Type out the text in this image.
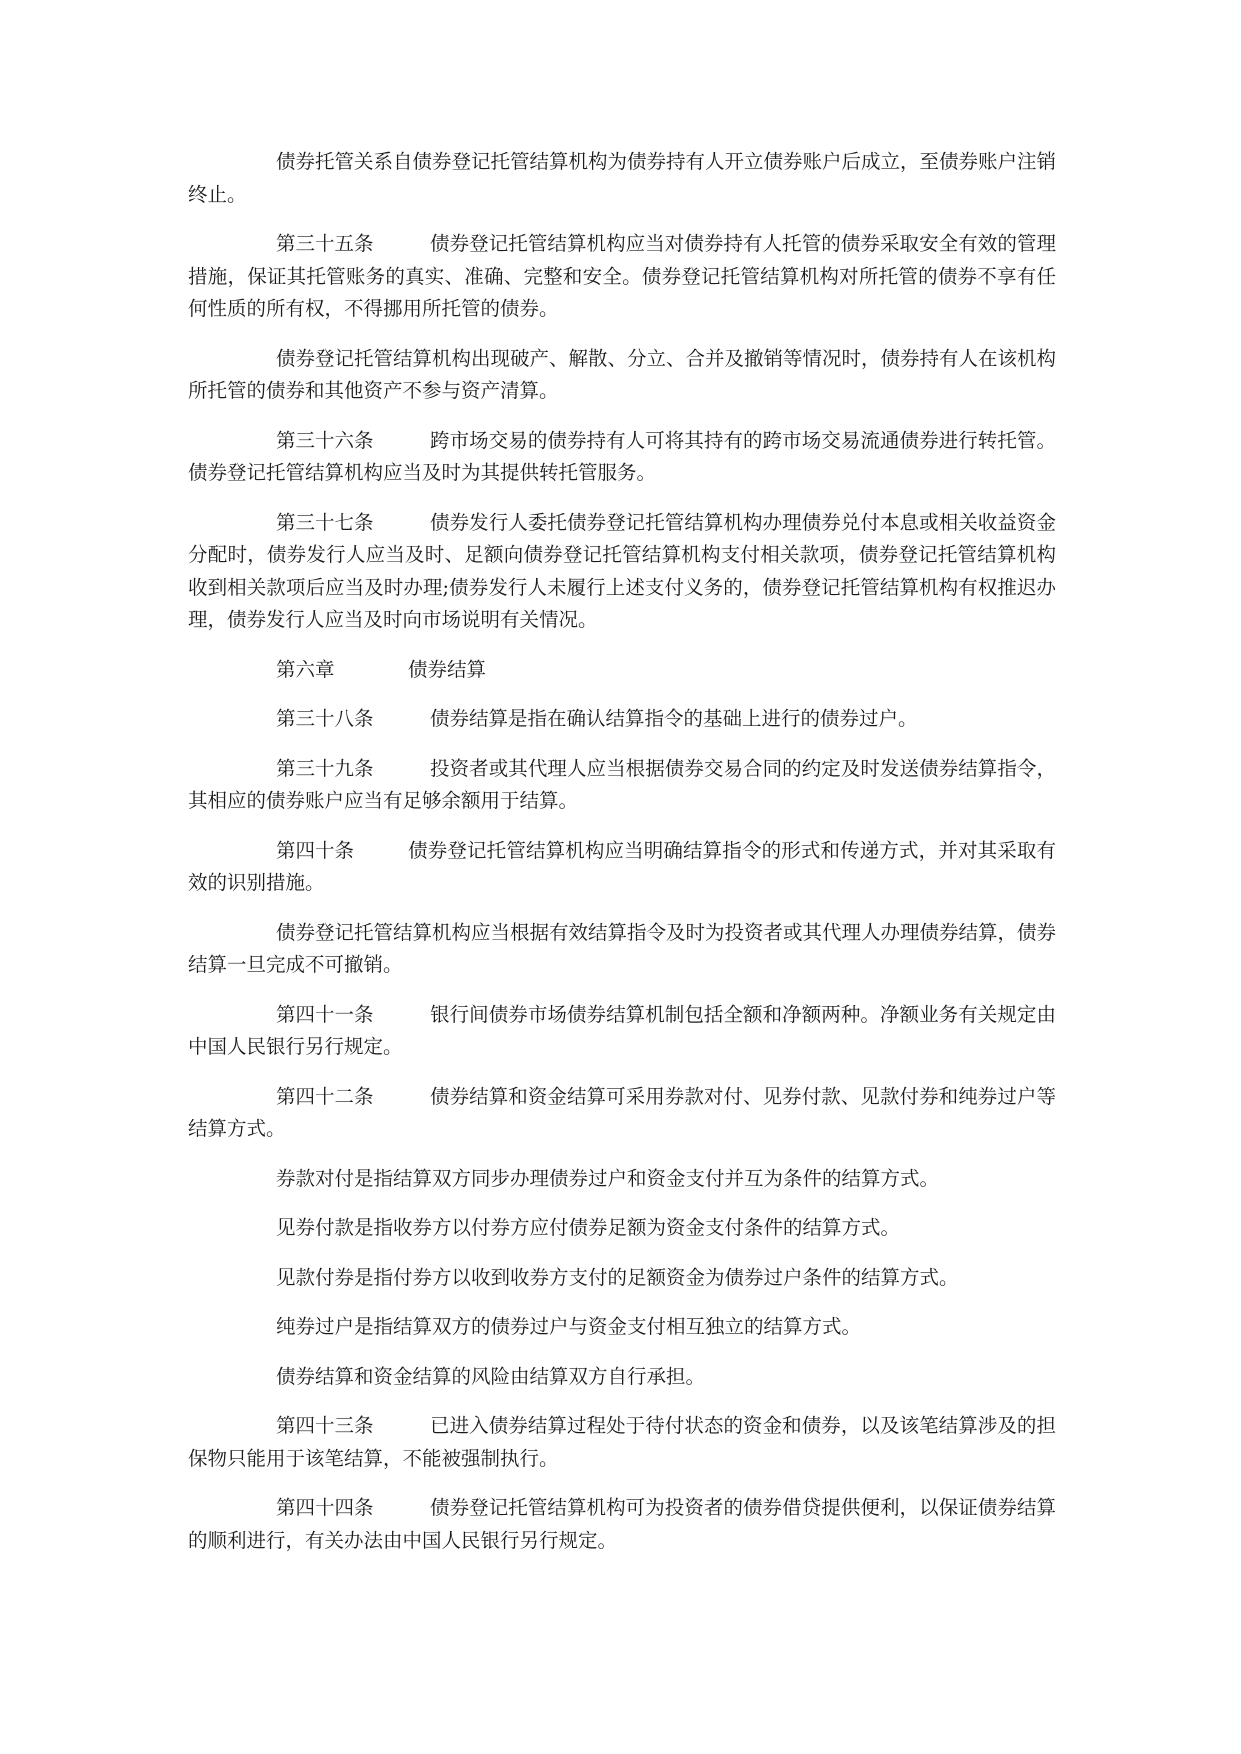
债券托管关系自债券登记托管结算机构为债券持有人开立债券账户后成立，至债券账户注销终止。

第三十五条	债券登记托管结算机构应当对债券持有人托管的债券采取安全有效的管理措施，保证其托管账务的真实、准确、完整和安全。债券登记托管结算机构对所托管的债券不享有任何性质的所有权，不得挪用所托管的债券。

债券登记托管结算机构出现破产、解散、分立、合并及撤销等情况时，债券持有人在该机构所托管的债券和其他资产不参与资产清算。

第三十六条	跨市场交易的债券持有人可将其持有的跨市场交易流通债券进行转托管。债券登记托管结算机构应当及时为其提供转托管服务。

第三十七条	债券发行人委托债券登记托管结算机构办理债券兑付本息或相关收益资金分配时，债券发行人应当及时、足额向债券登记托管结算机构支付相关款项，债券登记托管结算机构收到相关款项后应当及时办理;债券发行人未履行上述支付义务的，债券登记托管结算机构有权推迟办理，债券发行人应当及时向市场说明有关情况。

第六章	债券结算

第三十八条	债券结算是指在确认结算指令的基础上进行的债券过户。

第三十九条	投资者或其代理人应当根据债券交易合同的约定及时发送债券结算指令，其相应的债券账户应当有足够余额用于结算。

第四十条	债券登记托管结算机构应当明确结算指令的形式和传递方式，并对其采取有效的识别措施。

债券登记托管结算机构应当根据有效结算指令及时为投资者或其代理人办理债券结算，债券结算一旦完成不可撤销。

第四十一条	银行间债券市场债券结算机制包括全额和净额两种。净额业务有关规定由中国人民银行另行规定。

第四十二条	债券结算和资金结算可采用券款对付、见券付款、见款付券和纯券过户等结算方式。

券款对付是指结算双方同步办理债券过户和资金支付并互为条件的结算方式。

见券付款是指收券方以付券方应付债券足额为资金支付条件的结算方式。

见款付券是指付券方以收到收券方支付的足额资金为债券过户条件的结算方式。

纯券过户是指结算双方的债券过户与资金支付相互独立的结算方式。

债券结算和资金结算的风险由结算双方自行承担。

第四十三条	已进入债券结算过程处于待付状态的资金和债券，以及该笔结算涉及的担保物只能用于该笔结算，不能被强制执行。

第四十四条	债券登记托管结算机构可为投资者的债券借贷提供便利，以保证债券结算的顺利进行，有关办法由中国人民银行另行规定。
